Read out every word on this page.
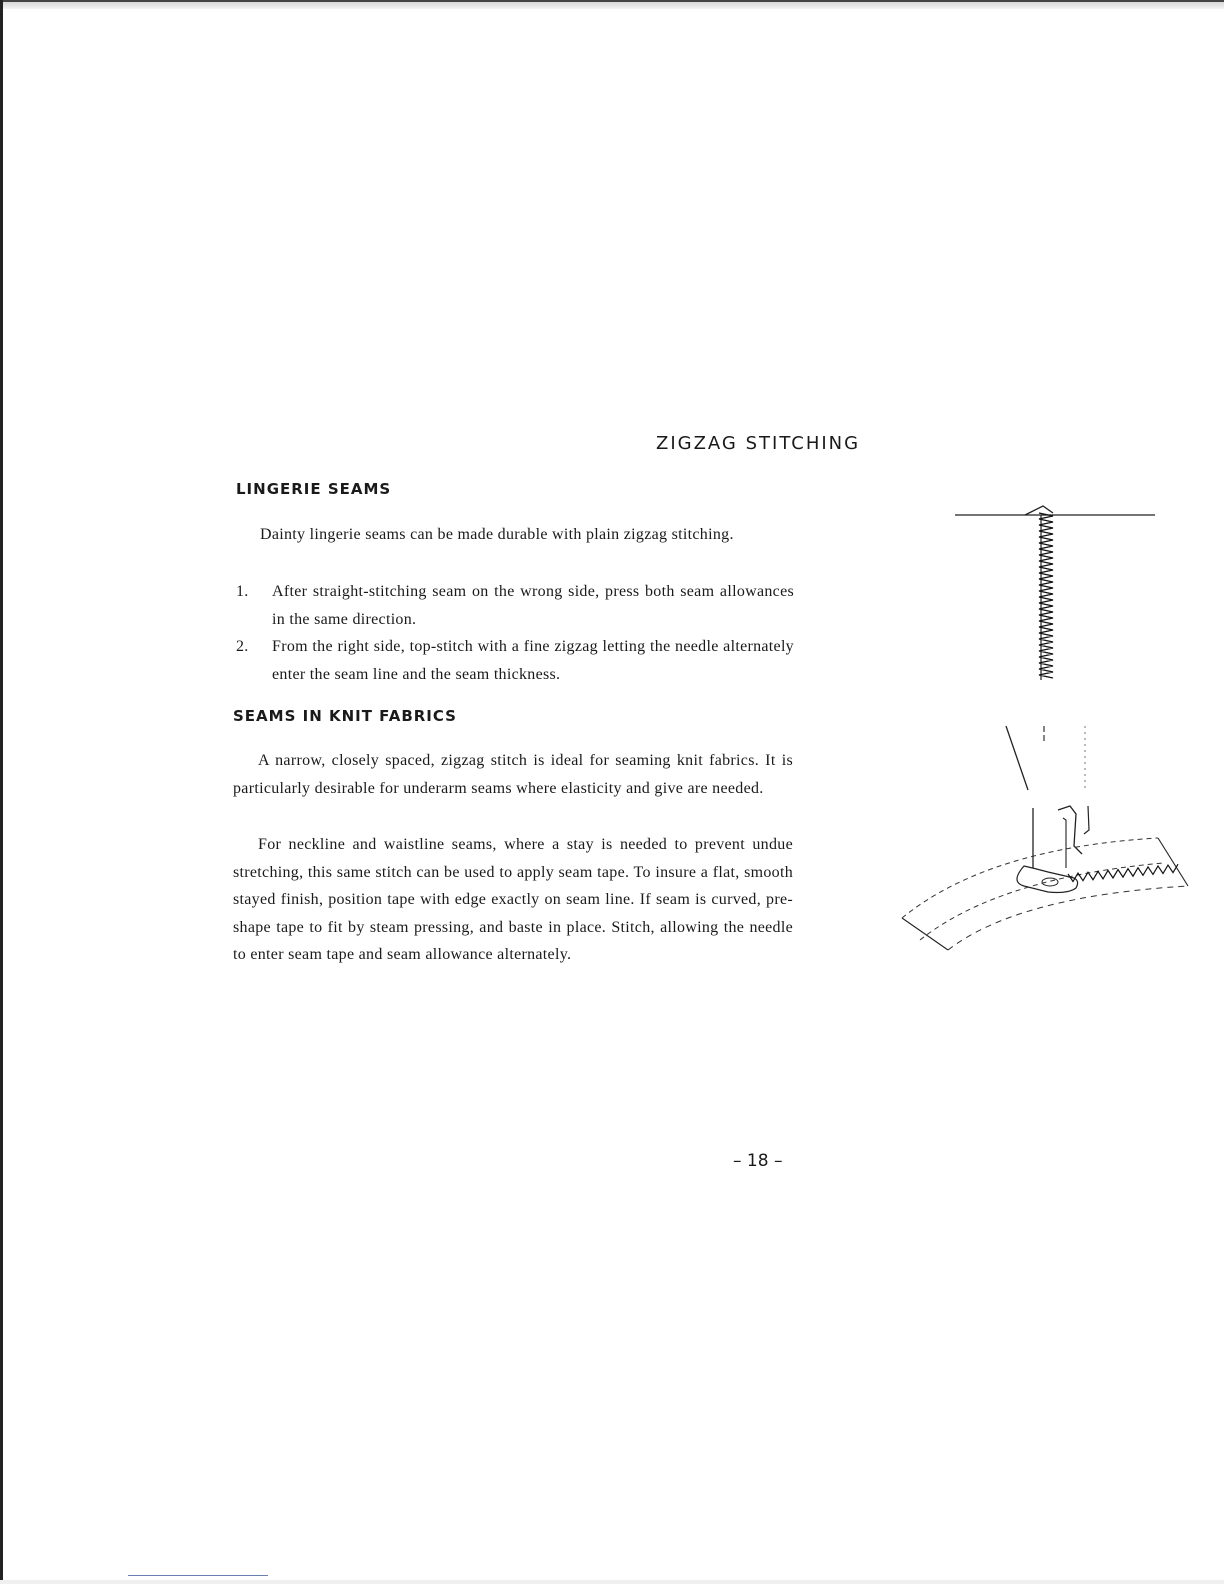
ZIGZAG STITCHING
LINGERIE SEAMS

Dainty lingerie seams can be made durable with plain zigzag stitching.

1. After straight-stitching seam on the wrong side, press both seam allowances in the same direction.
2. From the right side, top-stitch with a fine zigzag letting the needle alternately enter the seam line and the seam thickness.
SEAMS IN KNIT FABRICS

A narrow, closely spaced, zigzag stitch is ideal for seaming knit fabrics. It is particularly desirable for underarm seams where elasticity and give are needed.

For neckline and waistline seams, where a stay is needed to prevent undue stretching, this same stitch can be used to apply seam tape. To insure a flat, smooth stayed finish, position tape with edge exactly on seam line. If seam is curved, pre-shape tape to fit by steam pressing, and baste in place. Stitch, allowing the needle to enter seam tape and seam allowance alternately.

– 18 –
